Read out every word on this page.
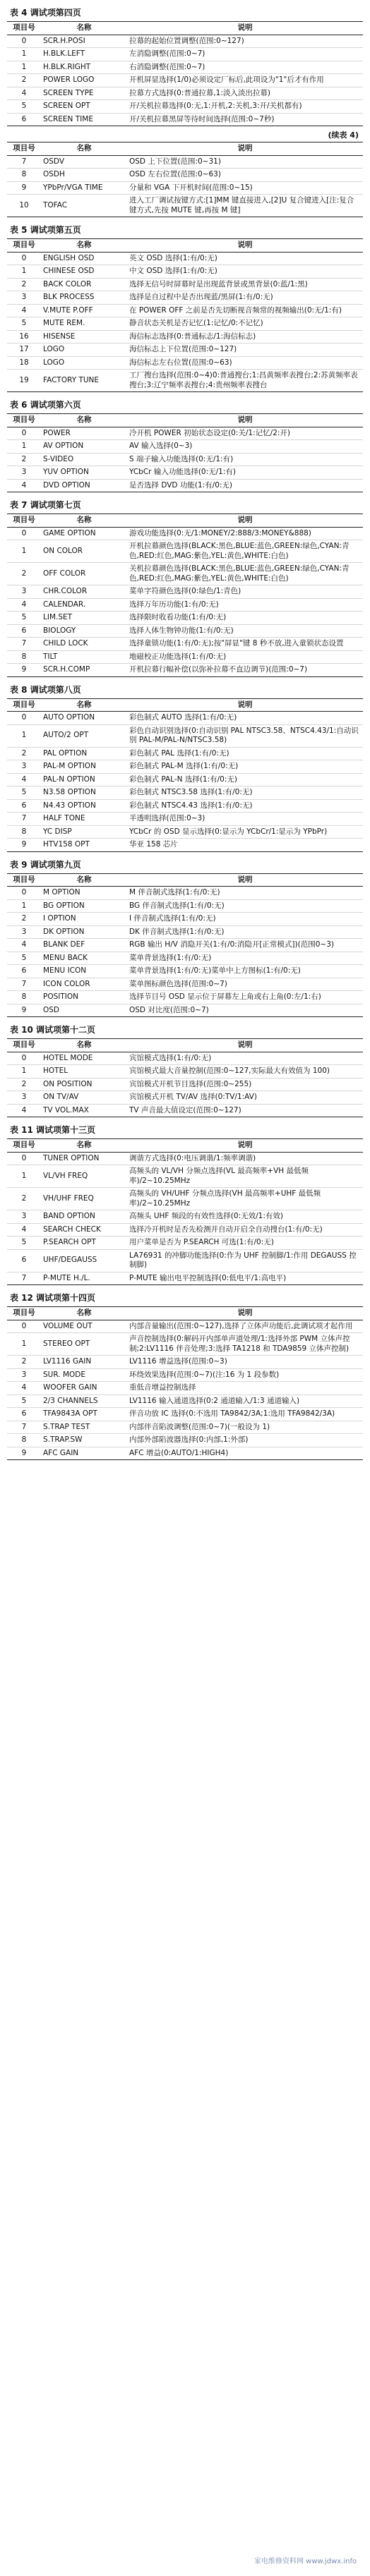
表 4 调试项第四页
项目号	名称	说明
0	SCR.H.POSI	拉幕的起始位置调整(范围:0~127)
1	H.BLK.LEFT	左消隐调整(范围:0~7)
1	H.BLK.RIGHT	右消隐调整(范围:0~7)
2	POWER LOGO	开机屏显选择(1/0)必须设定厂标后,此项设为"1"后才有作用
4	SCREEN TYPE	拉幕方式选择(0:普通拉幕,1:淡入淡出拉幕)
5	SCREEN OPT	开/关机拉幕选择(0:无,1:开机,2:关机,3:开/关机都有)
6	SCREEN TIME	开/关机拉幕黑屏等待时间选择(范围:0~7秒)
(续表 4)
项目号	名称	说明
7	OSDV	OSD 上下位置(范围:0~31)
8	OSDH	OSD 左右位置(范围:0~63)
9	YPbPr/VGA TIME	分量和 VGA 下开机时间(范围:0~15)
10	TOFAC	进入工厂调试按键方式:[1]MM 键直接进入,[2]U 复合键进入[注:复合键方式,先按 MUTE 键,再按 M 键]
表 5 调试项第五页
项目号	名称	说明
0	ENGLISH OSD	英文 OSD 选择(1:有/0:无)
1	CHINESE OSD	中文 OSD 选择(1:有/0:无)
2	BACK COLOR	选择无信号时屏幕时是出现蓝背景或黑背景(0:蓝/1:黑)
3	BLK PROCESS	选择是自过程中是否出现蓝/黑屏(1:有/0:无)
4	V.MUTE P.OFF	在 POWER OFF 之前是否先切断视音频常的视频输出(0:无/1:有)
5	MUTE REM.	静音状态关机是否记忆(1:记忆/0:不记忆)
16	HISENSE	海信标志选择(0:普通标志/1:海信标志)
17	LOGO	海信标志上下位置(范围:0~127)
18	LOGO	海信标志左右位置(范围:0~63)
19	FACTORY TUNE	工厂搜台选择(范围:0~4)0:普通搜台;1:昌黄频率表搜台;2:苏黄频率表搜台;3:辽宁频率表搜台;4:贵州频率表搜台
表 6 调试项第六页
项目号	名称	说明
0	POWER	冷开机 POWER 初始状态设定(0:关/1:记忆/2:开)
1	AV OPTION	AV 输入选择(0~3)
2	S-VIDEO	S 端子输入功能选择(0:无/1:有)
3	YUV OPTION	YCbCr 输入功能选择(0:无/1:有)
4	DVD OPTION	是否选择 DVD 功能(1:有/0:无)
表 7 调试项第七页
项目号	名称	说明
0	GAME OPTION	游戏功能选择(0:无/1:MONEY/2:888/3:MONEY&888)
1	ON COLOR	开机拉幕颜色选择(BLACK:黑色,BLUE:蓝色,GREEN:绿色,CYAN:青色,RED:红色,MAG:紫色,YEL:黄色,WHITE:白色)
2	OFF COLOR	关机拉幕颜色选择(BLACK:黑色,BLUE:蓝色,GREEN:绿色,CYAN:青色,RED:红色,MAG:紫色,YEL:黄色,WHITE:白色)
3	CHR.COLOR	菜单字符颜色选择(0:绿色/1:青色)
4	CALENDAR.	选择万年历功能(1:有/0:无)
5	LIM.SET	选择限时收看功能(1:有/0:无)
6	BIOLOGY	选择人体生物钟功能(1:有/0:无)
7	CHILD LOCK	选择童锁功能(1:有/0:无);按"屏显"键 8 秒不放,进入童锁状态设置
8	TILT	地磁校正功能选择(1:有/0:无)
9	SCR.H.COMP	开机拉幕行幅补偿(以弥补拉幕不直边调节)(范围:0~7)
表 8 调试项第八页
项目号	名称	说明
0	AUTO OPTION	彩色制式 AUTO 选择(1:有/0:无)
1	AUTO/2 OPT	彩色自动识别选择(0:自动识别 PAL NTSC3.58、NTSC4.43/1:自动识别 PAL-M/PAL-N/NTSC3.58)
2	PAL OPTION	彩色制式 PAL 选择(1:有/0:无)
3	PAL-M OPTION	彩色制式 PAL-M 选择(1:有/0:无)
4	PAL-N OPTION	彩色制式 PAL-N 选择(1:有/0:无)
5	N3.58 OPTION	彩色制式 NTSC3.58 选择(1:有/0:无)
6	N4.43 OPTION	彩色制式 NTSC4.43 选择(1:有/0:无)
7	HALF TONE	半透明选择(范围:0~3)
8	YC DISP	YCbCr 的 OSD 显示选择(0:显示为 YCbCr/1:显示为 YPbPr)
9	HTV158 OPT	华亚 158 芯片
表 9 调试项第九页
项目号	名称	说明
0	M OPTION	M 伴音制式选择(1:有/0:无)
1	BG OPTION	BG 伴音制式选择(1:有/0:无)
2	I OPTION	I 伴音制式选择(1:有/0:无)
3	DK OPTION	DK 伴音制式选择(1:有/0:无)
4	BLANK DEF	RGB 输出 H/V 消隐开关(1:有/0:消隐开[正常模式])(范围0~3)
5	MENU BACK	菜单背景选择(1:有/0:无)
6	MENU ICON	菜单背景选择(1:有/0:无)菜单中上方图标(1:有/0:无)
7	ICON COLOR	菜单图标颜色选择(范围:0~7)
8	POSITION	选择节目号 OSD 显示位于屏幕左上角或右上角(0:左/1:右)
9	OSD	OSD 对比度(范围:0~7)
表 10 调试项第十二页
项目号	名称	说明
0	HOTEL MODE	宾馆模式选择(1:有/0:无)
1	HOTEL	宾馆模式最大音量控制(范围:0~127,实际最大有效值为 100)
2	ON POSITION	宾馆模式开机节目选择(范围:0~255)
3	ON TV/AV	宾馆模式开机 TV/AV 选择(0:TV/1:AV)
4	TV VOL.MAX	TV 声音最大值设定(范围:0~127)
表 11 调试项第十三页
项目号	名称	说明
0	TUNER OPTION	调谐方式选择(0:电压调谐/1:频率调谐)
1	VL/VH FREQ	高频头的 VL/VH 分频点选择(VL 最高频率+VH 最低频率)/2~10.25MHz
2	VH/UHF FREQ	高频头的 VH/UHF 分频点选择(VH 最高频率+UHF 最低频率)/2~10.25MHz
3	BAND OPTION	高频头 UHF 频段的有效性选择(0:无效/1:有效)
4	SEARCH CHECK	选择冷开机时是否先检测并自动开启全自动搜台(1:有/0:无)
5	P.SEARCH OPT	用户菜单是否为 P.SEARCH 可选(1:有/0:无)
6	UHF/DEGAUSS	LA76931 的冲脚功能选择(0:作为 UHF 控制脚/1:作用 DEGAUSS 控制脚)
7	P-MUTE H./L.	P-MUTE 输出电平控制选择(0:低电平/1:高电平)
表 12 调试项第十四页
项目号	名称	说明
0	VOLUME OUT	内部音量输出(范围:0~127),选择了立体声功能后,此调试项才起作用
1	STEREO OPT	声音控制选择(0:解码开内部单声道处理/1:选择外部 PWM 立体声控制;2:LV1116 伴音处理;3:选择 TA1218 和 TDA9859 立体声控制)
2	LV1116 GAIN	LV1116 增益选择(范围:0~3)
3	SUR. MODE	环绕效果选择(范围:0~7)(注:16 为 1 段参数)
4	WOOFER GAIN	重低音增益控制选择
5	2/3 CHANNELS	LV1116 输入通道选择(0:2 通道输入/1:3 通道输入)
6	TFA9843A OPT	伴音功放 IC 选择(0:不选用 TA9842/3A;1:选用 TFA9842/3A)
7	S.TRAP TEST	内部伴音陷波调整(范围:0~7)(一般设为 1)
8	S.TRAP.SW	内部外部陷波器选择(0:内部,1:外部)
9	AFC GAIN	AFC 增益(0:AUTO/1:HIGH4)
家电维修资料网 www.jdwx.info
